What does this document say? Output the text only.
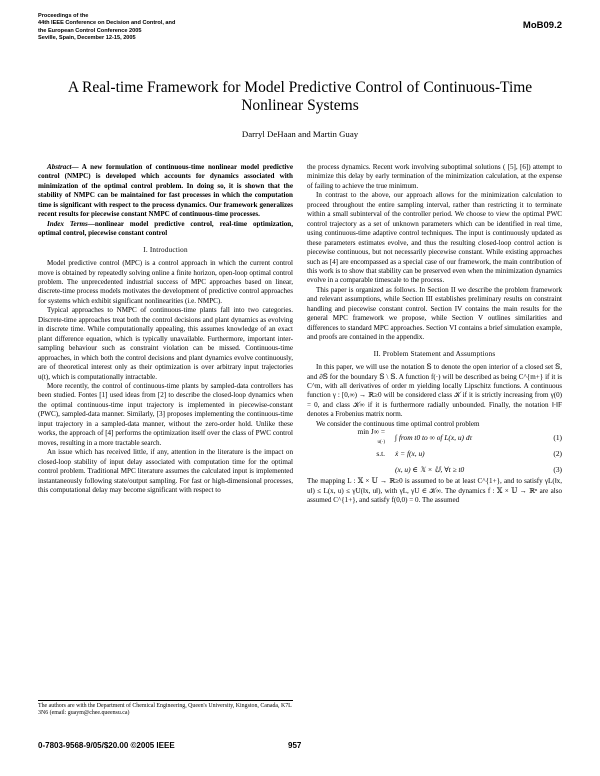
Proceedings of the
44th IEEE Conference on Decision and Control, and
the European Control Conference 2005
Seville, Spain, December 12-15, 2005
MoB09.2
A Real-time Framework for Model Predictive Control of Continuous-Time
Nonlinear Systems
Darryl DeHaan and Martin Guay

Abstract— A new formulation of continuous-time nonlinear model predictive control (NMPC) is developed which accounts for dynamics associated with minimization of the optimal control problem. In doing so, it is shown that the stability of NMPC can be maintained for fast processes in which the computation time is significant with respect to the process dynamics. Our framework generalizes recent results for piecewise constant NMPC of continuous-time processes.

Index Terms—nonlinear model predictive control, real-time optimization, optimal control, piecewise constant control

I. Introduction

Model predictive control (MPC) is a control approach in which the current control move is obtained by repeatedly solving online a finite horizon, open-loop optimal control problem. The unprecedented industrial success of MPC approaches based on linear, discrete-time process models motivates the development of predictive control approaches for systems which exhibit significant nonlinearities (i.e. NMPC).

Typical approaches to NMPC of continuous-time plants fall into two categories. Discrete-time approaches treat both the control decisions and plant dynamics as evolving in discrete time. While computationally appealing, this assumes knowledge of an exact plant difference equation, which is typically unavailable. Furthermore, important inter-sampling behaviour such as constraint violation can be missed. Continuous-time approaches, in which both the control decisions and plant dynamics evolve continuously, are of theoretical interest only as their optimization is over arbitrary input trajectories u(t), which is computationally intractable.

More recently, the control of continuous-time plants by sampled-data controllers has been studied. Fontes [1] used ideas from [2] to describe the closed-loop dynamics when the optimal continuous-time input trajectory is implemented in piecewise-constant (PWC), sampled-data manner. Similarly, [3] proposes implementing the continuous-time input trajectory in a sampled-data manner, without the zero-order hold. Unlike these works, the approach of [4] performs the optimization itself over the class of PWC control moves, resulting in a more tractable search.

An issue which has received little, if any, attention in the literature is the impact on closed-loop stability of input delay associated with computation time for the optimal control problem. Traditional MPC literature assumes the calculated input is implemented instantaneously following state/output sampling. For fast or high-dimensional processes, this computational delay may become significant with respect to

the process dynamics. Recent work involving suboptimal solutions ( [5], [6]) attempt to minimize this delay by early termination of the minimization calculation, at the expense of failing to achieve the true minimum.

In contrast to the above, our approach allows for the minimization calculation to proceed throughout the entire sampling interval, rather than restricting it to terminate within a small subinterval of the controller period. We choose to view the optimal PWC control trajectory as a set of unknown parameters which can be identified in real time, using continuous-time adaptive control techniques. The input is continuously updated as these parameters estimates evolve, and thus the resulting closed-loop control action is piecewise continuous, but not necessarily piecewise constant. While existing approaches such as [4] are encompassed as a special case of our framework, the main contribution of this work is to show that stability can be preserved even when the minimization dynamics evolve in a comparable timescale to the process.

This paper is organized as follows. In Section II we describe the problem framework and relevant assumptions, while Section III establishes preliminary results on constraint handling and piecewise constant control. Section IV contains the main results for the general MPC framework we propose, while Section V outlines similarities and differences to standard MPC approaches. Section VI contains a brief simulation example, and proofs are contained in the appendix.

II. Problem Statement and Assumptions

In this paper, we will use the notation 𝕊 to denote the open interior of a closed set 𝕊, and ∂𝕊 for the boundary 𝕊 \ 𝕊. A function f(·) will be described as being C^{m+} if it is C^m, with all derivatives of order m yielding locally Lipschitz functions. A continuous function γ : [0,∞) → ℝ≥0 will be considered class 𝒦 if it is strictly increasing from γ(0) = 0, and class 𝒦∞ if it is furthermore radially unbounded. Finally, the notation ‖·‖F denotes a Frobenius matrix norm.

We consider the continuous time optimal control problem

min J∞ =
u(·)
∫ from t0 to ∞ of L(x, u) dτ	(1)
s.t.	ẋ = f(x, u)	(2)
(x, u) ∈ 𝕏 × 𝕌, ∀t ≥ t0	(3)

The mapping L : 𝕏 × 𝕌 → ℝ≥0 is assumed to be at least C^{1+}, and to satisfy γL(‖x, u‖) ≤ L(x, u) ≤ γU(‖x, u‖), with γL, γU ∈ 𝒦∞. The dynamics f : 𝕏 × 𝕌 → ℝⁿ are also assumed C^{1+}, and satisfy f(0,0) = 0. The assumed

The authors are with the Department of Chemical Engineering, Queen's University, Kingston, Canada, K7L 3N6 (email: guaym@chee.queensu.ca)
0-7803-9568-9/05/$20.00 ©2005 IEEE	957
